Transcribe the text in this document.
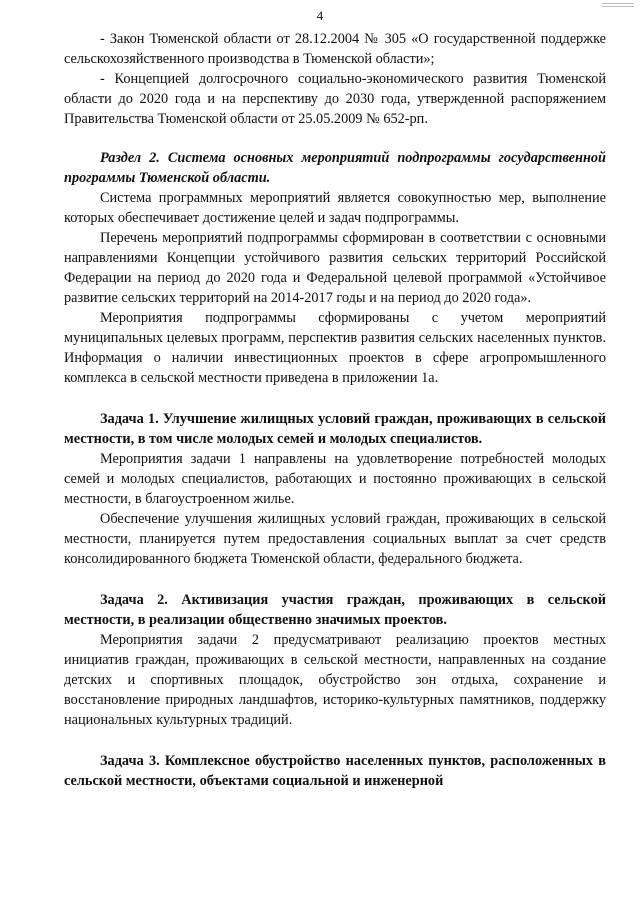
4

- Закон Тюменской области от 28.12.2004 № 305 «О государственной поддержке сельскохозяйственного производства в Тюменской области»;

- Концепцией долгосрочного социально-экономического развития Тюменской области до 2020 года и на перспективу до 2030 года, утвержденной распоряжением Правительства Тюменской области от 25.05.2009 № 652-рп.

Раздел 2. Система основных мероприятий подпрограммы государственной программы Тюменской области.

Система программных мероприятий является совокупностью мер, выполнение которых обеспечивает достижение целей и задач подпрограммы.

Перечень мероприятий подпрограммы сформирован в соответствии с основными направлениями Концепции устойчивого развития сельских территорий Российской Федерации на период до 2020 года и Федеральной целевой программой «Устойчивое развитие сельских территорий на 2014-2017 годы и на период до 2020 года».

Мероприятия подпрограммы сформированы с учетом мероприятий муниципальных целевых программ, перспектив развития сельских населенных пунктов. Информация о наличии инвестиционных проектов в сфере агропромышленного комплекса в сельской местности приведена в приложении 1а.

Задача 1. Улучшение жилищных условий граждан, проживающих в сельской местности, в том числе молодых семей и молодых специалистов.

Мероприятия задачи 1 направлены на удовлетворение потребностей молодых семей и молодых специалистов, работающих и постоянно проживающих в сельской местности, в благоустроенном жилье.

Обеспечение улучшения жилищных условий граждан, проживающих в сельской местности, планируется путем предоставления социальных выплат за счет средств консолидированного бюджета Тюменской области, федерального бюджета.

Задача 2. Активизация участия граждан, проживающих в сельской местности, в реализации общественно значимых проектов.

Мероприятия задачи 2 предусматривают реализацию проектов местных инициатив граждан, проживающих в сельской местности, направленных на создание детских и спортивных площадок, обустройство зон отдыха, сохранение и восстановление природных ландшафтов, историко-культурных памятников, поддержку национальных культурных традиций.

Задача 3. Комплексное обустройство населенных пунктов, расположенных в сельской местности, объектами социальной и инженерной
